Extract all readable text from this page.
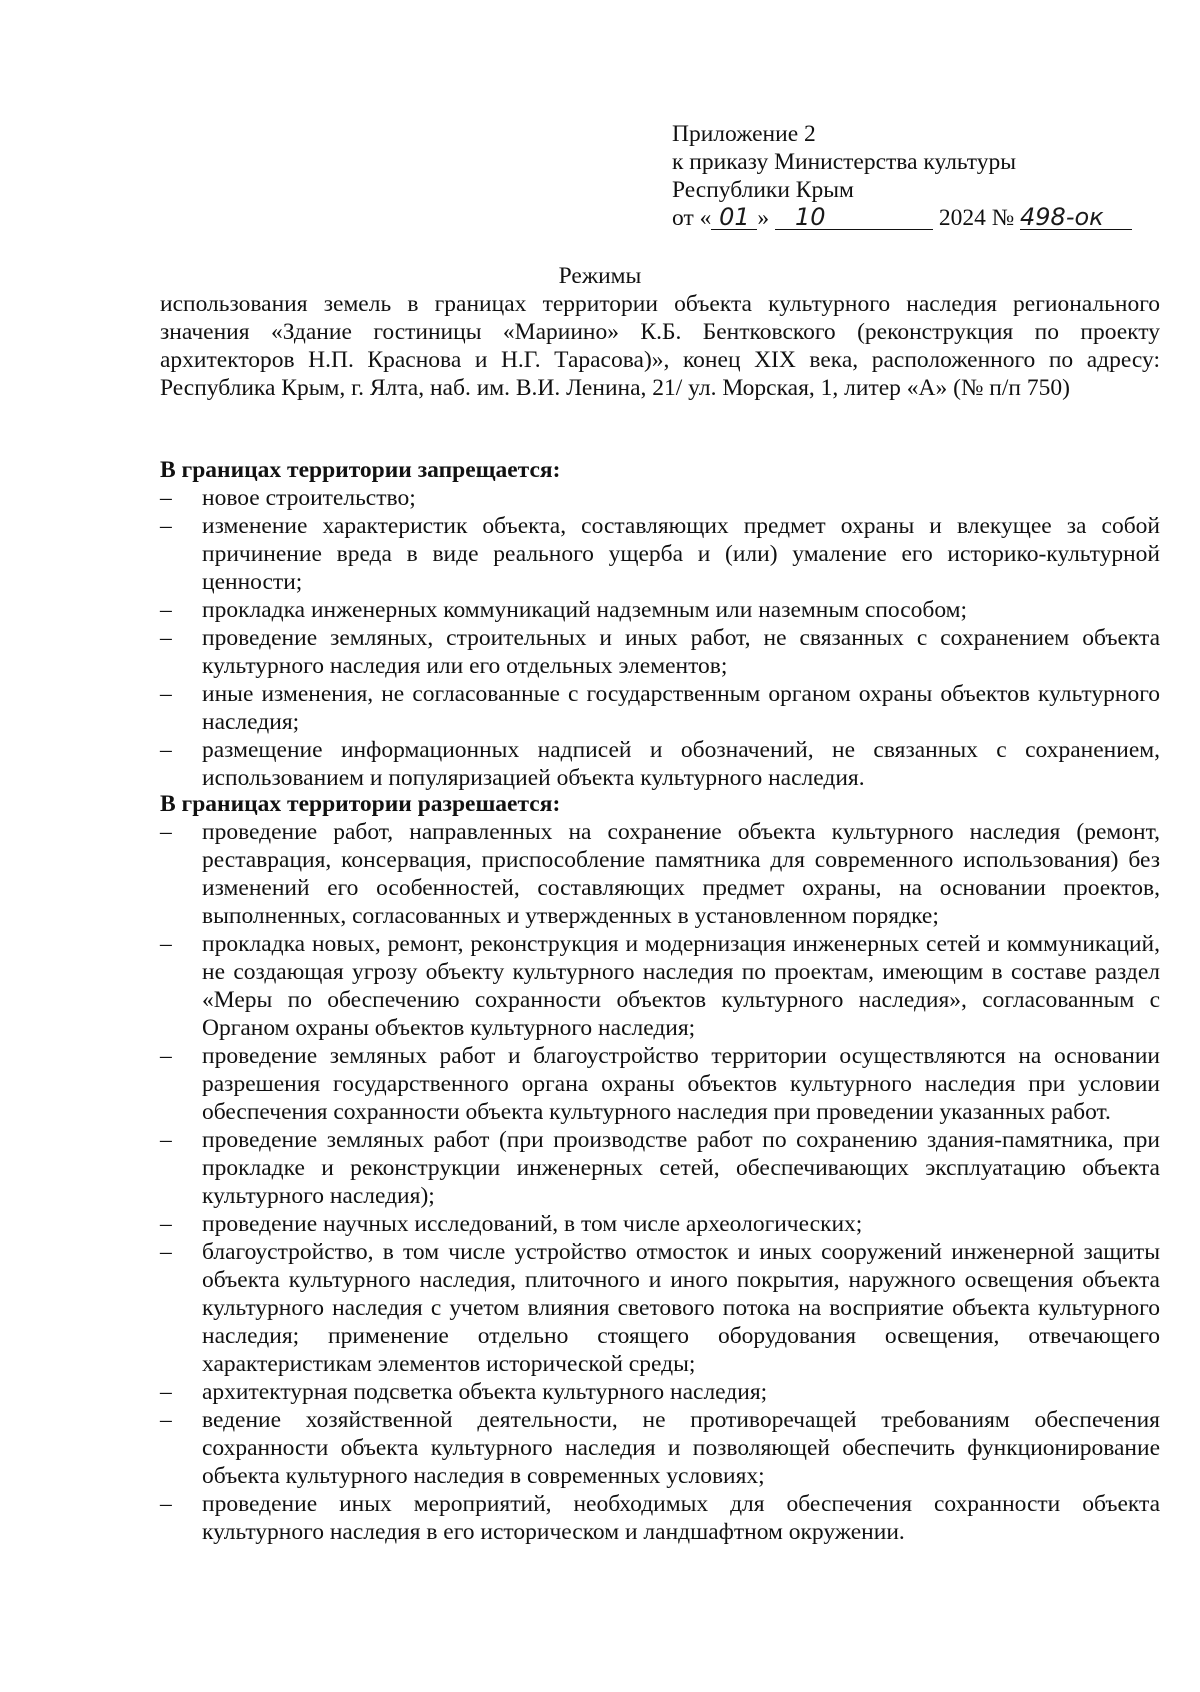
Приложение 2
к приказу Министерства культуры
Республики Крым
от « 01 » 10	2024 № 498-ок
Режимы
использования земель в границах территории объекта культурного наследия регионального значения «Здание гостиницы «Мариино» К.Б. Бентковского (реконструкция по проекту архитекторов Н.П. Краснова и Н.Г. Тарасова)», конец XIX века, расположенного по адресу: Республика Крым, г. Ялта, наб. им. В.И. Ленина, 21/ ул. Морская, 1, литер «А» (№ п/п 750)

В границах территории запрещается:

–	новое строительство;
–	изменение характеристик объекта, составляющих предмет охраны и влекущее за собой причинение вреда в виде реального ущерба и (или) умаление его историко-культурной ценности;
–	прокладка инженерных коммуникаций надземным или наземным способом;
–	проведение земляных, строительных и иных работ, не связанных с сохранением объекта культурного наследия или его отдельных элементов;
–	иные изменения, не согласованные с государственным органом охраны объектов культурного наследия;
–	размещение информационных надписей и обозначений, не связанных с сохранением, использованием и популяризацией объекта культурного наследия.

В границах территории разрешается:

–	проведение работ, направленных на сохранение объекта культурного наследия (ремонт, реставрация, консервация, приспособление памятника для современного использования) без изменений его особенностей, составляющих предмет охраны, на основании проектов, выполненных, согласованных и утвержденных в установленном порядке;
–	прокладка новых, ремонт, реконструкция и модернизация инженерных сетей и коммуникаций, не создающая угрозу объекту культурного наследия по проектам, имеющим в составе раздел «Меры по обеспечению сохранности объектов культурного наследия», согласованным с Органом охраны объектов культурного наследия;
–	проведение земляных работ и благоустройство территории осуществляются на основании разрешения государственного органа охраны объектов культурного наследия при условии обеспечения сохранности объекта культурного наследия при проведении указанных работ.
–	проведение земляных работ (при производстве работ по сохранению здания-памятника, при прокладке и реконструкции инженерных сетей, обеспечивающих эксплуатацию объекта культурного наследия);
–	проведение научных исследований, в том числе археологических;
–	благоустройство, в том числе устройство отмосток и иных сооружений инженерной защиты объекта культурного наследия, плиточного и иного покрытия, наружного освещения объекта культурного наследия с учетом влияния светового потока на восприятие объекта культурного наследия; применение отдельно стоящего оборудования освещения, отвечающего характеристикам элементов исторической среды;
–	архитектурная подсветка объекта культурного наследия;
–	ведение хозяйственной деятельности, не противоречащей требованиям обеспечения сохранности объекта культурного наследия и позволяющей обеспечить функционирование объекта культурного наследия в современных условиях;
–	проведение иных мероприятий, необходимых для обеспечения сохранности объекта культурного наследия в его историческом и ландшафтном окружении.
